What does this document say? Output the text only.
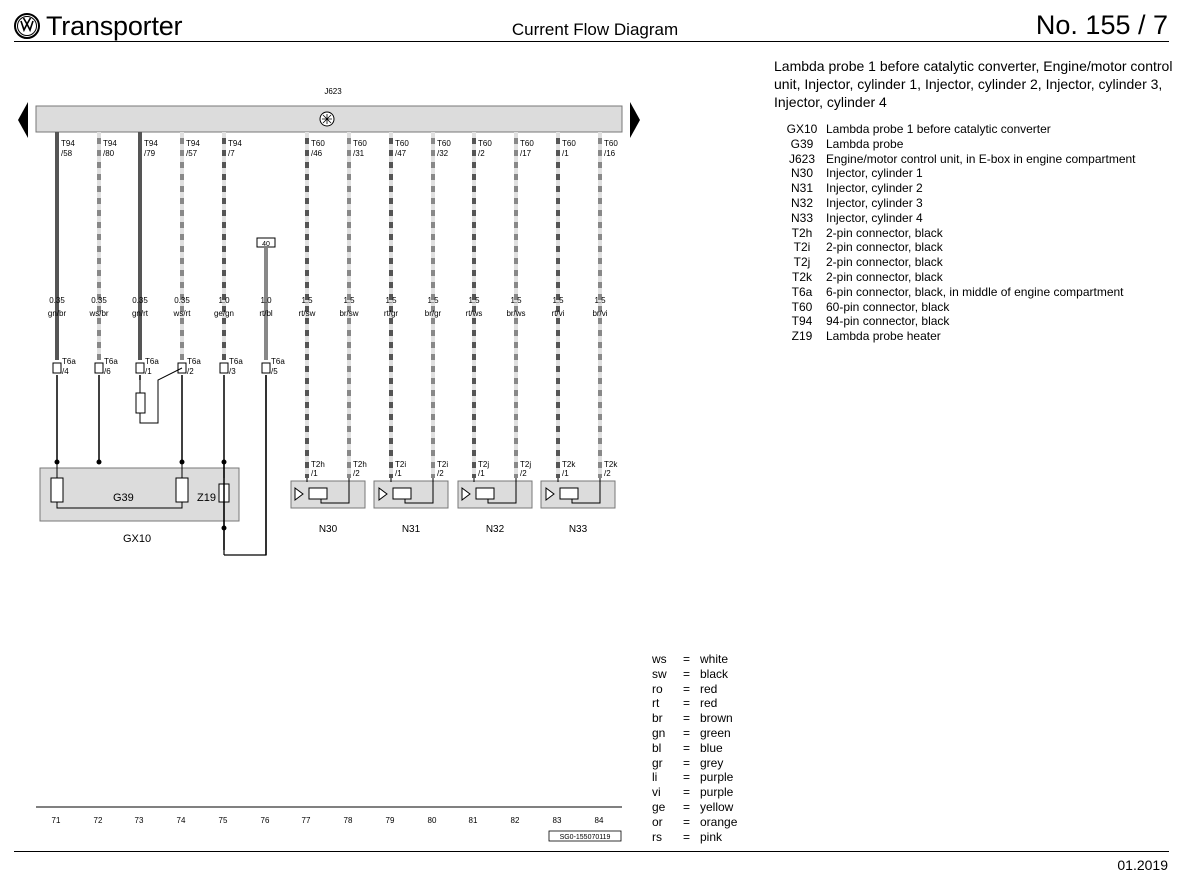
Transporter	Current Flow Diagram	No. 155 / 7
Lambda probe 1 before catalytic converter, Engine/motor control unit, Injector, cylinder 1, Injector, cylinder 2, Injector, cylinder 3, Injector, cylinder 4
GX10 Lambda probe 1 before catalytic converter
G39	Lambda probe
J623 Engine/motor control unit, in E-box in engine compartment
N30	Injector, cylinder 1
N31	Injector, cylinder 2
N32	Injector, cylinder 3
N33	Injector, cylinder 4
T2h	2-pin connector, black
T2i	2-pin connector, black
T2j	2-pin connector, black
T2k	2-pin connector, black
T6a	6-pin connector, black, in middle of engine compartment
T60	60-pin connector, black
T94	94-pin connector, black
Z19	Lambda probe heater
ws	= white
sw	= black
ro	= red
rt	= red
br	= brown
gn	= green
bl	= blue
gr	= grey
li	= purple
vi	= purple
ge	= yellow
or	= orange
rs	= pink
J623
T94
/58
0.35
gn/br
T6a
/4
T94
/80
0.35
ws/br
T6a
/6
T94
/79
0.35
gn/rt
T6a
/1
T94
/57
0.35
ws/rt
T6a
/2
T94
/7
1.0
ge/gn
T6a
/3
1.0
rt/bl
T6a
/5
40
T60
/46
1.5
rt/sw
T2h
/1
T60
/31
1.5
br/sw
T2h
/2
T60
/47
1.5
rt/gr
T2i
/1
T60
/32
1.5
br/gr
T2i
/2
T60
/2
1.5
rt/ws
T2j
/1
T60
/17
1.5
br/ws
T2j
/2
T60
/1
1.5
rt/vi
T2k
/1
T60
/16
1.5
br/vi
T2k
/2
G39	Z19
GX10
N30	N31	N32	N33
71	72	73	74	75	76	77	78	79	80	81	82	83	84
SG0-155070119
01.2019
